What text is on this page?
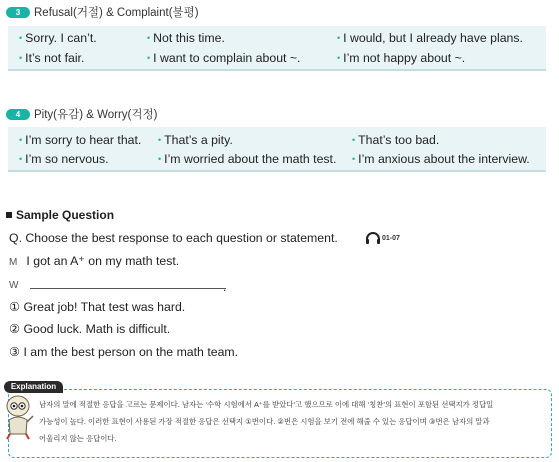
3	Refusal(거절) & Complaint(불평)
• Sorry. I can’t.	• Not this time.	• I would, but I already have plans.
• It’s not fair.	• I want to complain about ~.	• I’m not happy about ~.
4	Pity(유감) & Worry(걱정)
• I’m sorry to hear that. • That’s a pity.	• That’s too bad.
• I’m so nervous.	• I’m worried about the math test. • I’m anxious about the interview.
Sample Question
Q. Choose the best response to each question or statement.	01-07
M I got an A⁺ on my math test.
W	.
① Great job! That test was hard.
② Good luck. Math is difficult.
③ I am the best person on the math team.
Explanation
남자의 말에 적절한 응답을 고르는 문제이다. 남자는 ‘수학 시험에서 A⁺를 받았다’고 했으므로 이에 대해 ‘칭찬’의 표현이 포함된 선택지가 정답일
가능성이 높다. 이러한 표현이 사용된 가장 적절한 응답은 선택지 ①번이다. ②번은 시험을 보기 전에 해줄 수 있는 응답이며 ③번은 남자의 말과
어울리지 않는 응답이다.
